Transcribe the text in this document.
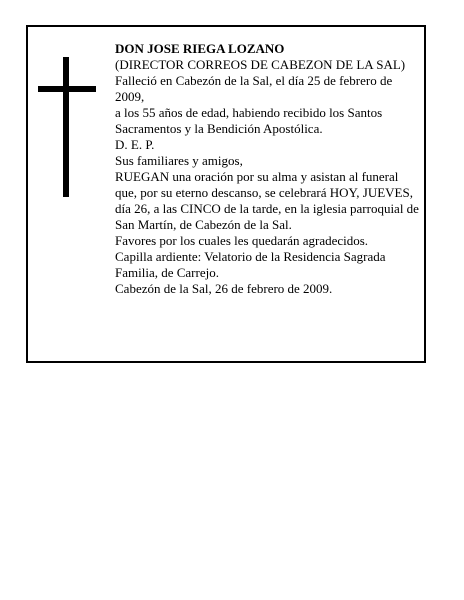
DON JOSE RIEGA LOZANO

(DIRECTOR CORREOS DE CABEZON DE LA SAL)

Falleció en Cabezón de la Sal, el día 25 de febrero de 2009,

a los 55 años de edad, habiendo recibido los Santos Sacramentos y la Bendición Apostólica.

D. E. P.

Sus familiares y amigos,

RUEGAN una oración por su alma y asistan al funeral que, por su eterno descanso, se celebrará HOY, JUEVES, día 26, a las CINCO de la tarde, en la iglesia parroquial de San Martín, de Cabezón de la Sal.

Favores por los cuales les quedarán agradecidos.

Capilla ardiente: Velatorio de la Residencia Sagrada Familia, de Carrejo.

Cabezón de la Sal, 26 de febrero de 2009.
